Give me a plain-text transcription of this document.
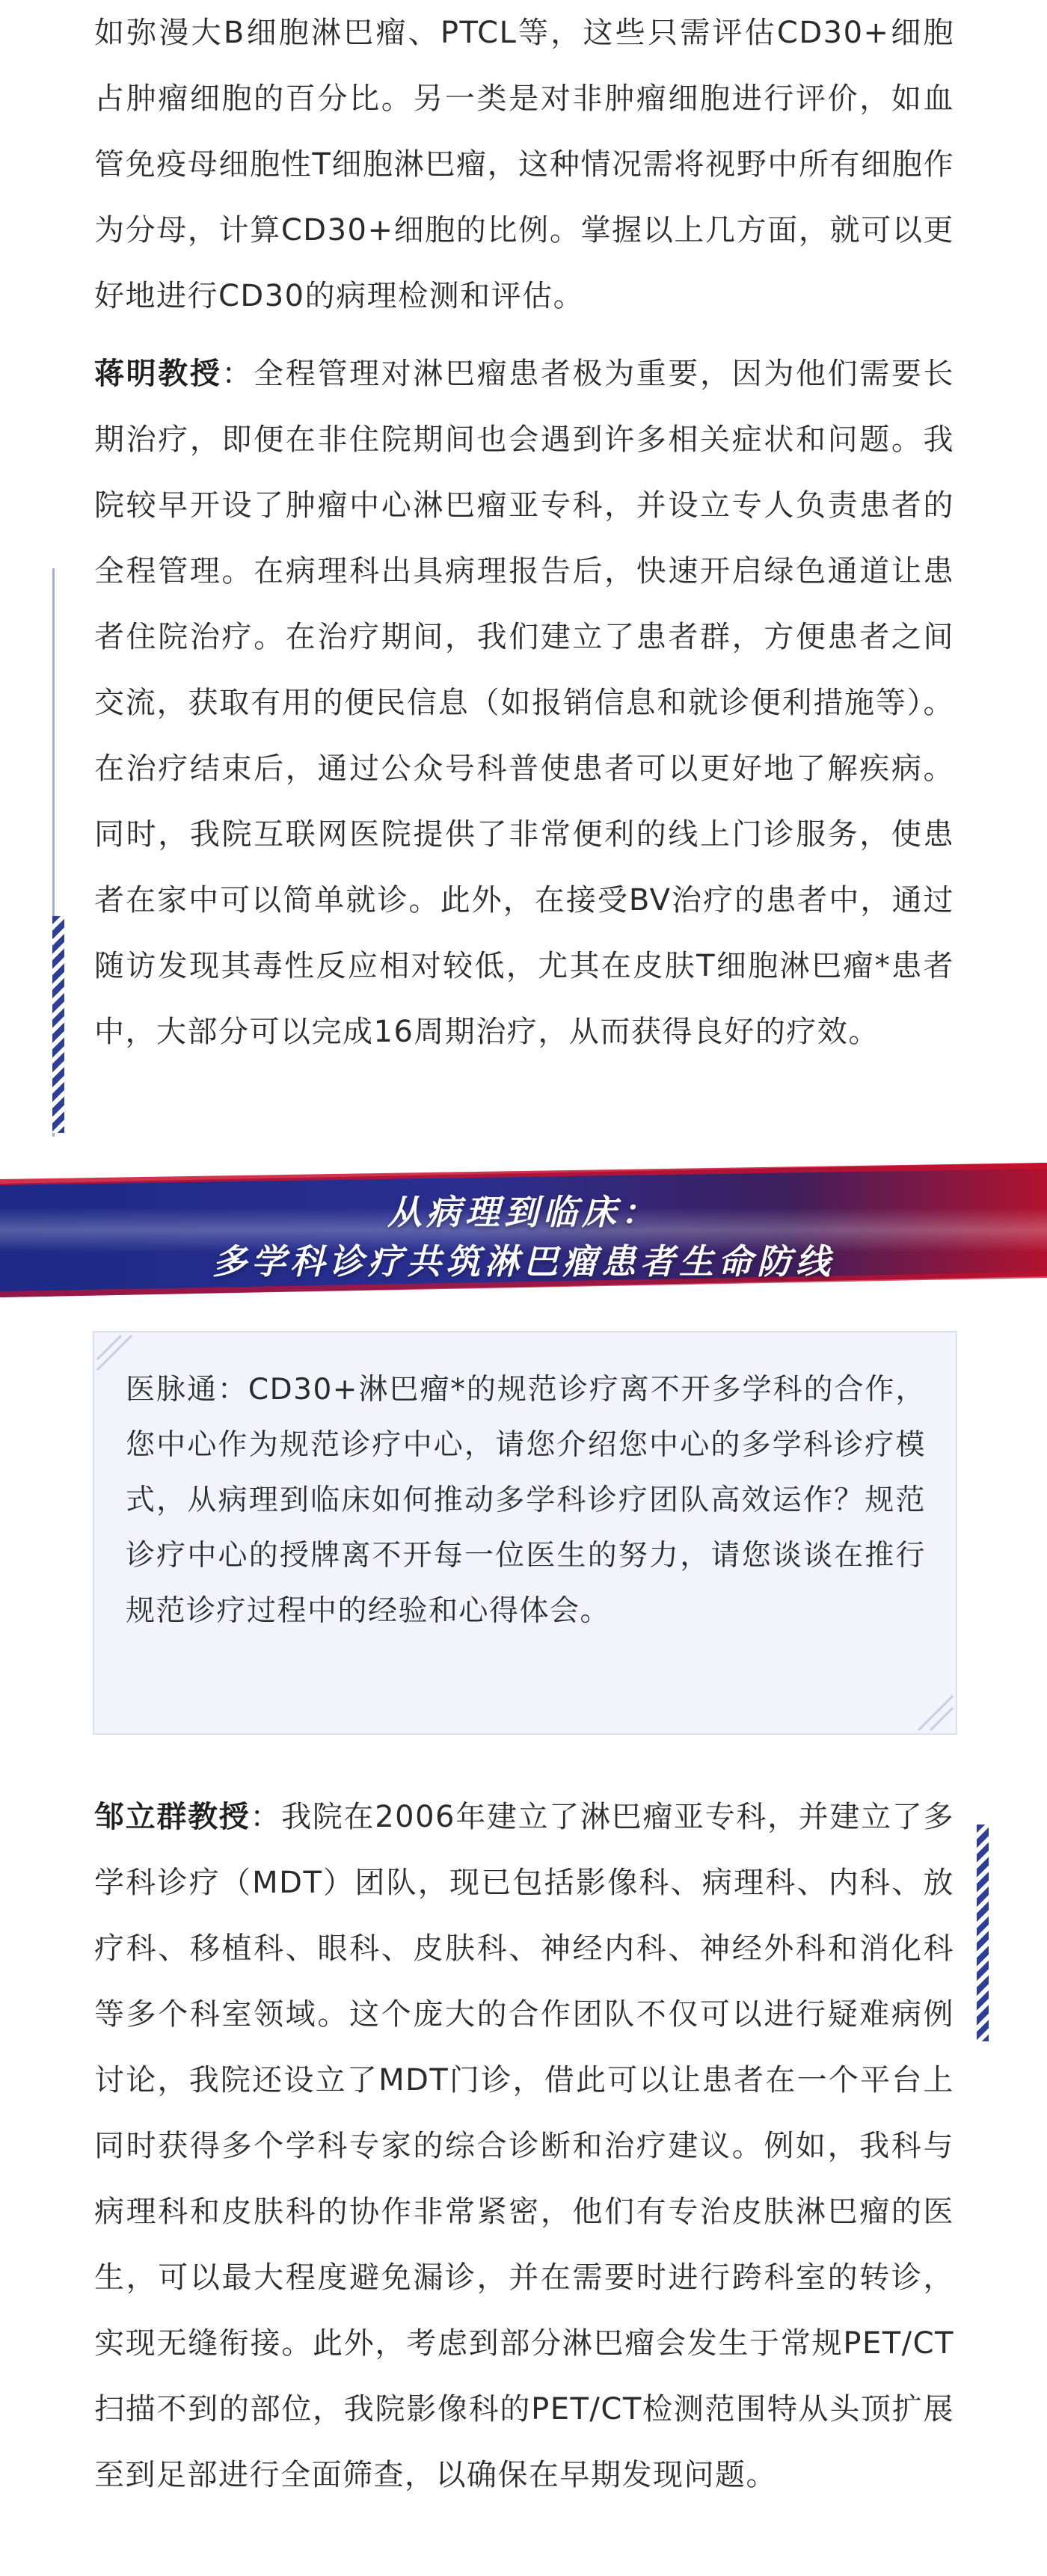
如弥漫大B细胞淋巴瘤、PTCL等，这些只需评估CD30+细胞占肿瘤细胞的百分比。另一类是对非肿瘤细胞进行评价，如血管免疫母细胞性T细胞淋巴瘤，这种情况需将视野中所有细胞作为分母，计算CD30+细胞的比例。掌握以上几方面，就可以更好地进行CD30的病理检测和评估。

蒋明教授：全程管理对淋巴瘤患者极为重要，因为他们需要长期治疗，即便在非住院期间也会遇到许多相关症状和问题。我院较早开设了肿瘤中心淋巴瘤亚专科，并设立专人负责患者的全程管理。在病理科出具病理报告后，快速开启绿色通道让患者住院治疗。在治疗期间，我们建立了患者群，方便患者之间交流，获取有用的便民信息（如报销信息和就诊便利措施等）。在治疗结束后，通过公众号科普使患者可以更好地了解疾病。同时，我院互联网医院提供了非常便利的线上门诊服务，使患者在家中可以简单就诊。此外，在接受BV治疗的患者中，通过随访发现其毒性反应相对较低，尤其在皮肤T细胞淋巴瘤*患者中，大部分可以完成16周期治疗，从而获得良好的疗效。

从病理到临床：
多学科诊疗共筑淋巴瘤患者生命防线

医脉通：CD30+淋巴瘤*的规范诊疗离不开多学科的合作，您中心作为规范诊疗中心，请您介绍您中心的多学科诊疗模式，从病理到临床如何推动多学科诊疗团队高效运作？规范诊疗中心的授牌离不开每一位医生的努力，请您谈谈在推行规范诊疗过程中的经验和心得体会。

邹立群教授：我院在2006年建立了淋巴瘤亚专科，并建立了多学科诊疗（MDT）团队，现已包括影像科、病理科、内科、放疗科、移植科、眼科、皮肤科、神经内科、神经外科和消化科等多个科室领域。这个庞大的合作团队不仅可以进行疑难病例讨论，我院还设立了MDT门诊，借此可以让患者在一个平台上同时获得多个学科专家的综合诊断和治疗建议。例如，我科与病理科和皮肤科的协作非常紧密，他们有专治皮肤淋巴瘤的医生，可以最大程度避免漏诊，并在需要时进行跨科室的转诊，实现无缝衔接。此外，考虑到部分淋巴瘤会发生于常规PET/CT扫描不到的部位，我院影像科的PET/CT检测范围特从头顶扩展至到足部进行全面筛查，以确保在早期发现问题。
